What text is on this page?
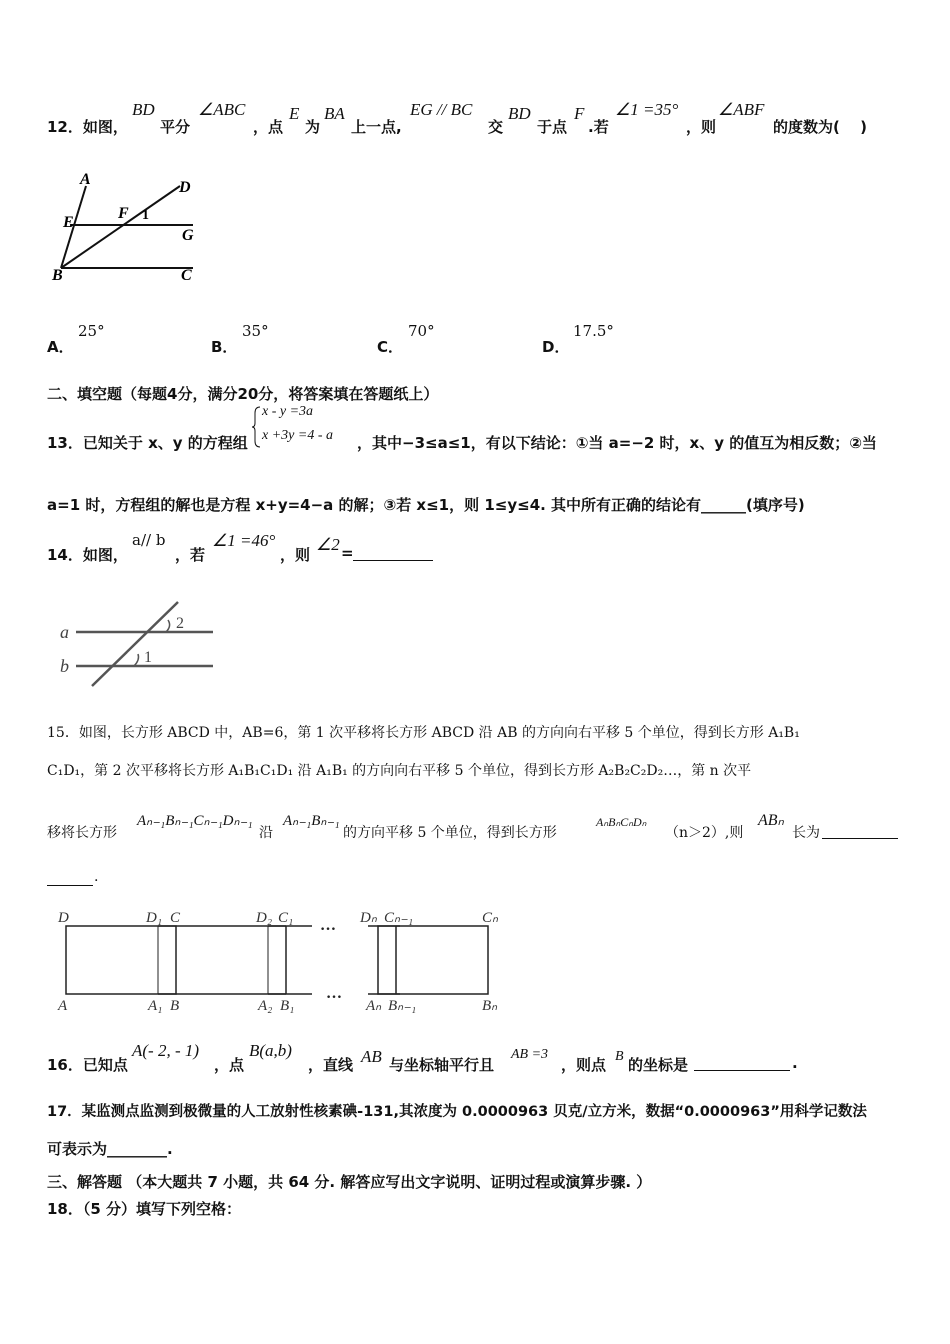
12．如图，
BD
平分
∠ABC
，点
E
为
BA
上一点,
EG // BC
交
BD
于点
F
.若
∠1 =35°
，则
∠ABF
的度数为(　 )
A	D
E
F 1
G
B	C
A．
25°
B．
35°
C．
70°
D．
17.5°
二、填空题（每题4分，满分20分，将答案填在答题纸上）
13．已知关于 x、y 的方程组
x - y =3a
x +3y =4 - a ，其中−3≤a≤1，有以下结论：①当 a=−2 时，x、y 的值互为相反数；②当
a=1 时，方程组的解也是方程 x+y=4−a 的解；③若 x≤1，则 1≤y≤4. 其中所有正确的结论有______(填序号)
14．如图，
a// b
，若
∠1 =46°
，则
∠2 =
a
b
2
1
15．如图，长方形 ABCD 中，AB=6，第 1 次平移将长方形 ABCD 沿 AB 的方向向右平移 5 个单位，得到长方形 A₁B₁
C₁D₁，第 2 次平移将长方形 A₁B₁C₁D₁ 沿 A₁B₁ 的方向向右平移 5 个单位，得到长方形 A₂B₂C₂D₂…，第 n 次平
移将长方形
Aₙ₋₁Bₙ₋₁Cₙ₋₁Dₙ₋₁
沿
Aₙ₋₁Bₙ₋₁
的方向平移 5 个单位，得到长方形
AₙBₙCₙDₙ
（n＞2）,则
ABₙ
长为
.
D	D₁ C	D₂ C₁ … Dₙ Cₙ₋₁	Cₙ
A	A₁ B	A₂ B₁
…
Aₙ Bₙ₋₁	Bₙ
16．已知点
A(- 2, - 1)
，点
B(a,b)
，直线 AB 与坐标轴平行且
AB =3
，则点 B 的坐标是	.
17．某监测点监测到极微量的人工放射性核素碘-131,其浓度为 0.0000963 贝克/立方米，数据“0.0000963”用科学记数法
可表示为________.
三、解答题 （本大题共 7 小题，共 64 分. 解答应写出文字说明、证明过程或演算步骤. ）
18．（5 分）填写下列空格：
